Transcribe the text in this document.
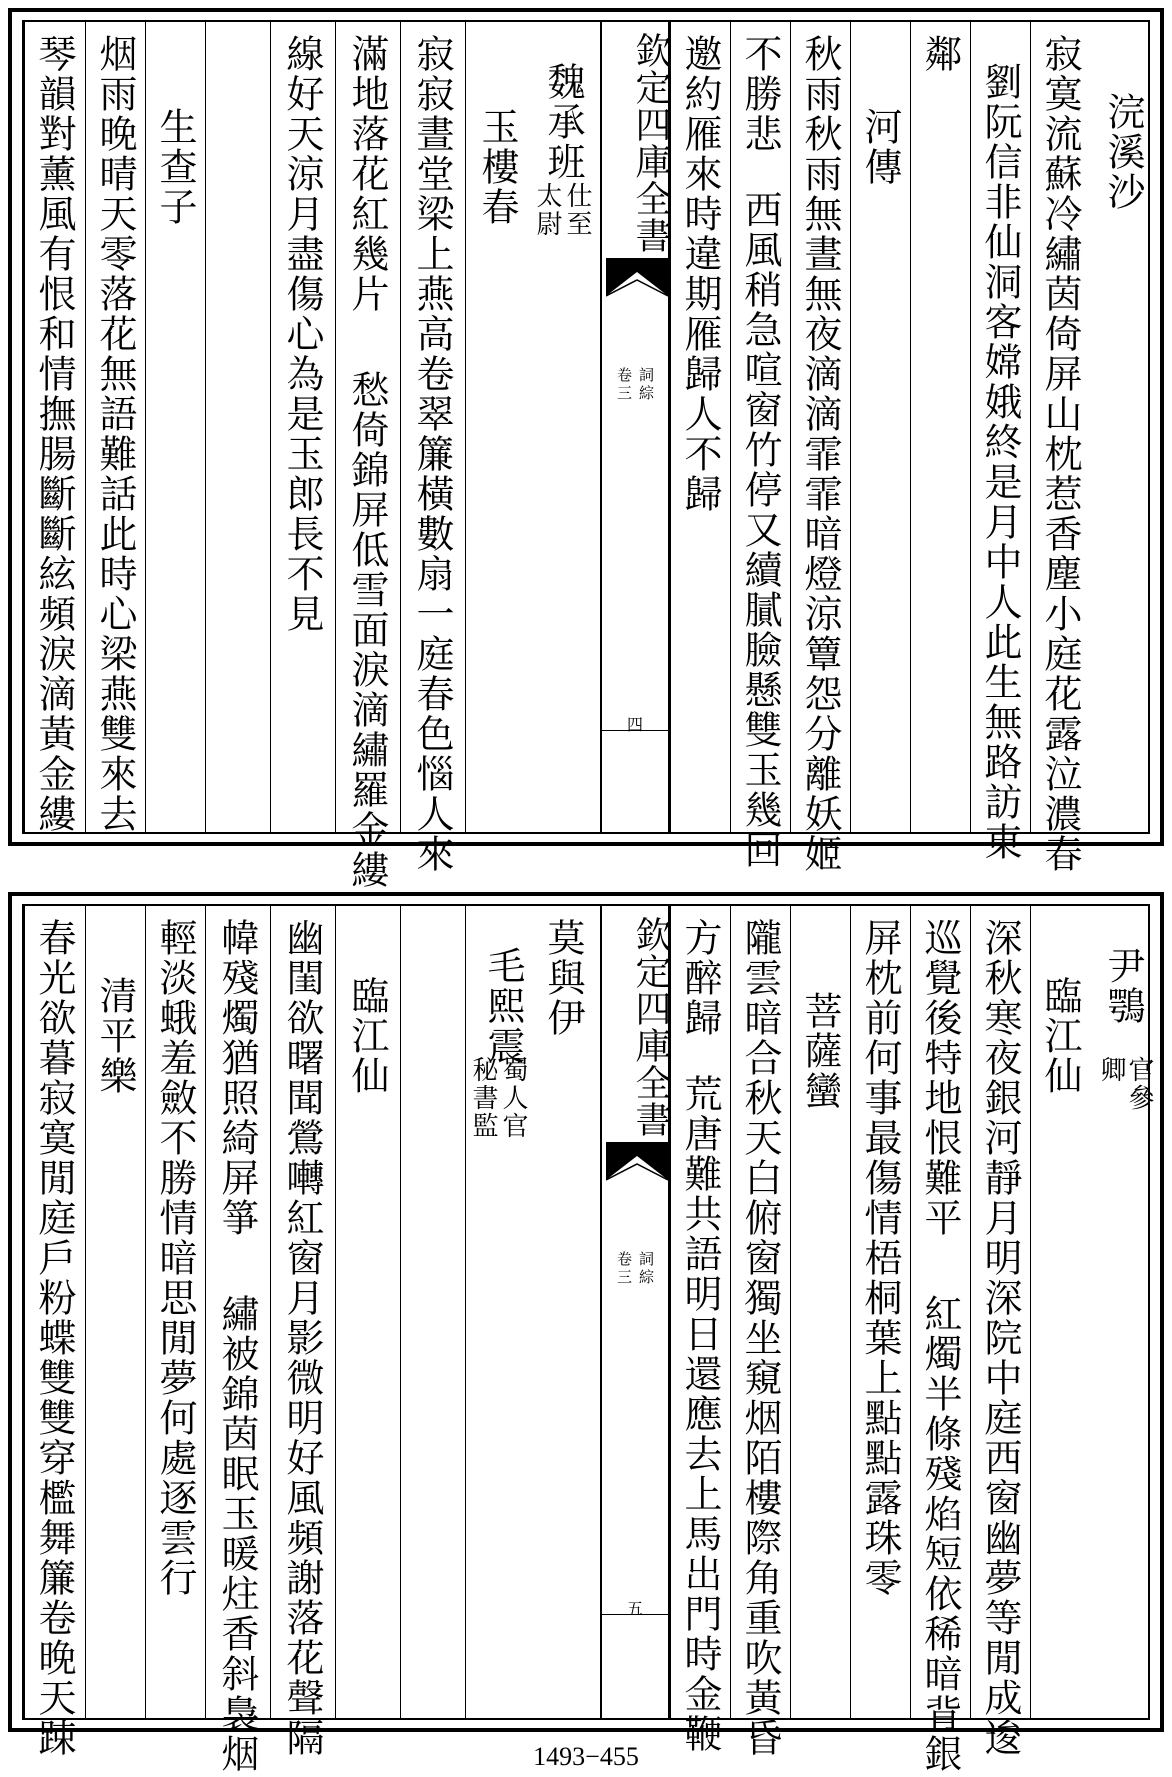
浣溪沙
寂寞流蘇冷繡茵倚屏山枕惹香塵小庭花露泣濃春
劉阮信非仙洞客嫦娥終是月中人此生無路訪東
鄰
河傳
秋雨秋雨無晝無夜滴滴霏霏暗燈涼簟怨分離妖姬
不勝悲
西風稍急喧窗竹停又續膩臉懸雙玉幾回
邀約雁來時違期雁歸人不歸
欽定四庫全書
詞綜
卷三
四
魏承班
仕至
太尉
玉樓春
寂寂晝堂梁上燕高卷翠簾橫數扇一庭春色惱人來
滿地落花紅幾片
愁倚錦屏低雪面淚滴繡羅金縷
線好天涼月盡傷心為是玉郎長不見
生查子
烟雨晚晴天零落花無語難話此時心梁燕雙來去
琴韻對薰風有恨和情撫腸斷斷絃頻淚滴黃金縷
尹鶚
官參
卿
臨江仙
深秋寒夜銀河靜月明深院中庭西窗幽夢等閒成逡
巡覺後特地恨難平
紅燭半條殘焰短依稀暗背銀
屏枕前何事最傷情梧桐葉上點點露珠零
菩薩蠻
隴雲暗合秋天白俯窗獨坐窺烟陌樓際角重吹黃昏
方醉歸
荒唐難共語明日還應去上馬出門時金鞭
欽定四庫全書
詞綜
卷三
五
莫與伊
毛熙震
蜀人官
秘書監
臨江仙
幽閨欲曙聞鶯囀紅窗月影微明好風頻謝落花聲隔
幃殘燭猶照綺屏箏
繡被錦茵眠玉暖炷香斜裊烟
輕淡蛾羞斂不勝情暗思閒夢何處逐雲行
清平樂
春光欲暮寂寞閒庭戶粉蝶雙雙穿檻舞簾卷晚天踈	1493−455
